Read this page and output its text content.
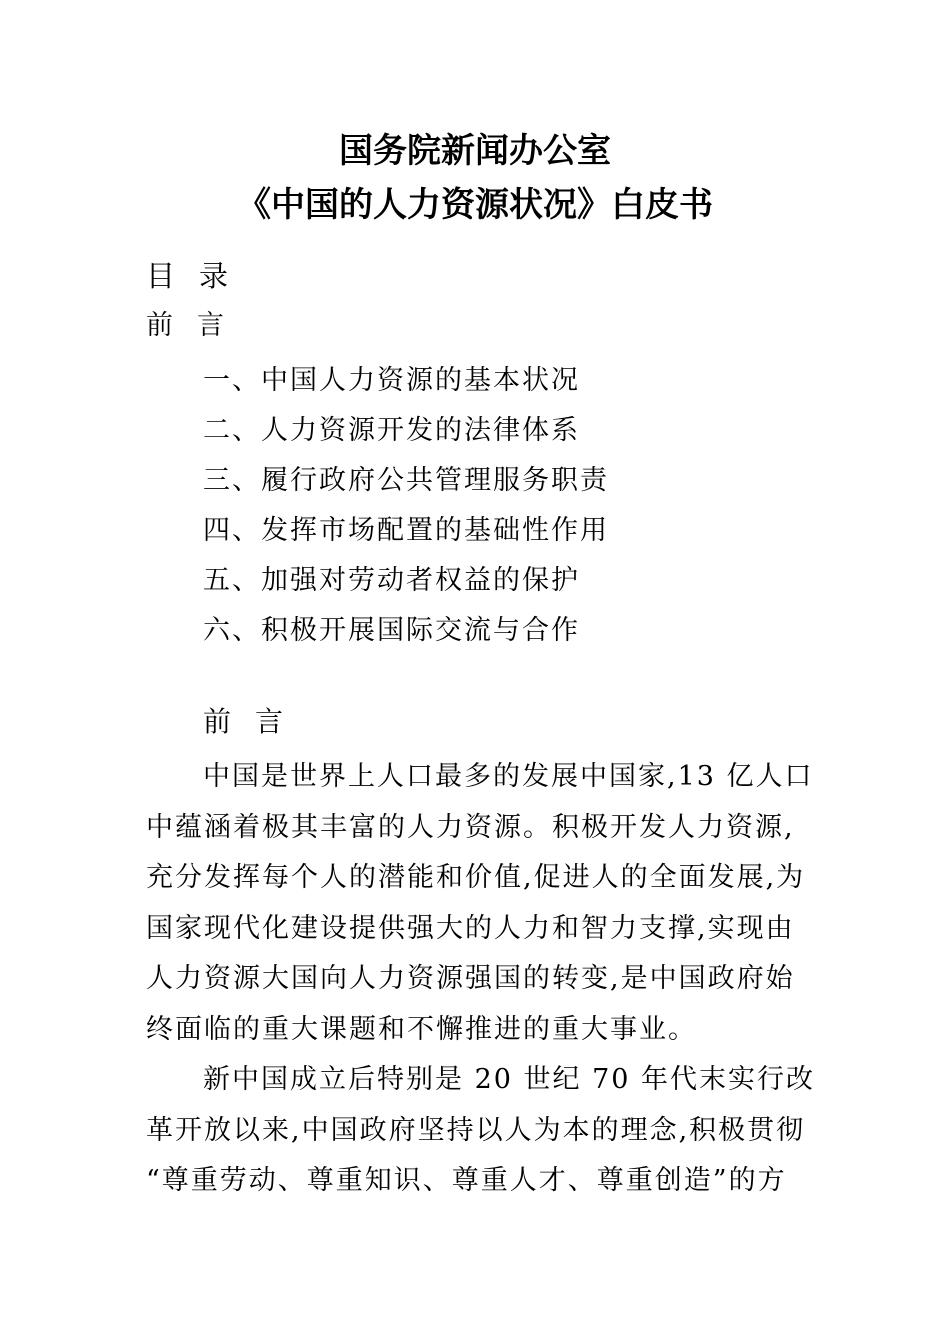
国务院新闻办公室
《中国的人力资源状况》白皮书
目录
前言
一、中国人力资源的基本状况
二、人力资源开发的法律体系
三、履行政府公共管理服务职责
四、发挥市场配置的基础性作用
五、加强对劳动者权益的保护
六、积极开展国际交流与合作
前言
中国是世界上人口最多的发展中国家,13 亿人口
中蕴涵着极其丰富的人力资源。积极开发人力资源,
充分发挥每个人的潜能和价值,促进人的全面发展,为
国家现代化建设提供强大的人力和智力支撑,实现由
人力资源大国向人力资源强国的转变,是中国政府始
终面临的重大课题和不懈推进的重大事业。
新中国成立后特别是 20 世纪 70 年代末实行改
革开放以来,中国政府坚持以人为本的理念,积极贯彻
“尊重劳动、尊重知识、尊重人才、尊重创造”的方
